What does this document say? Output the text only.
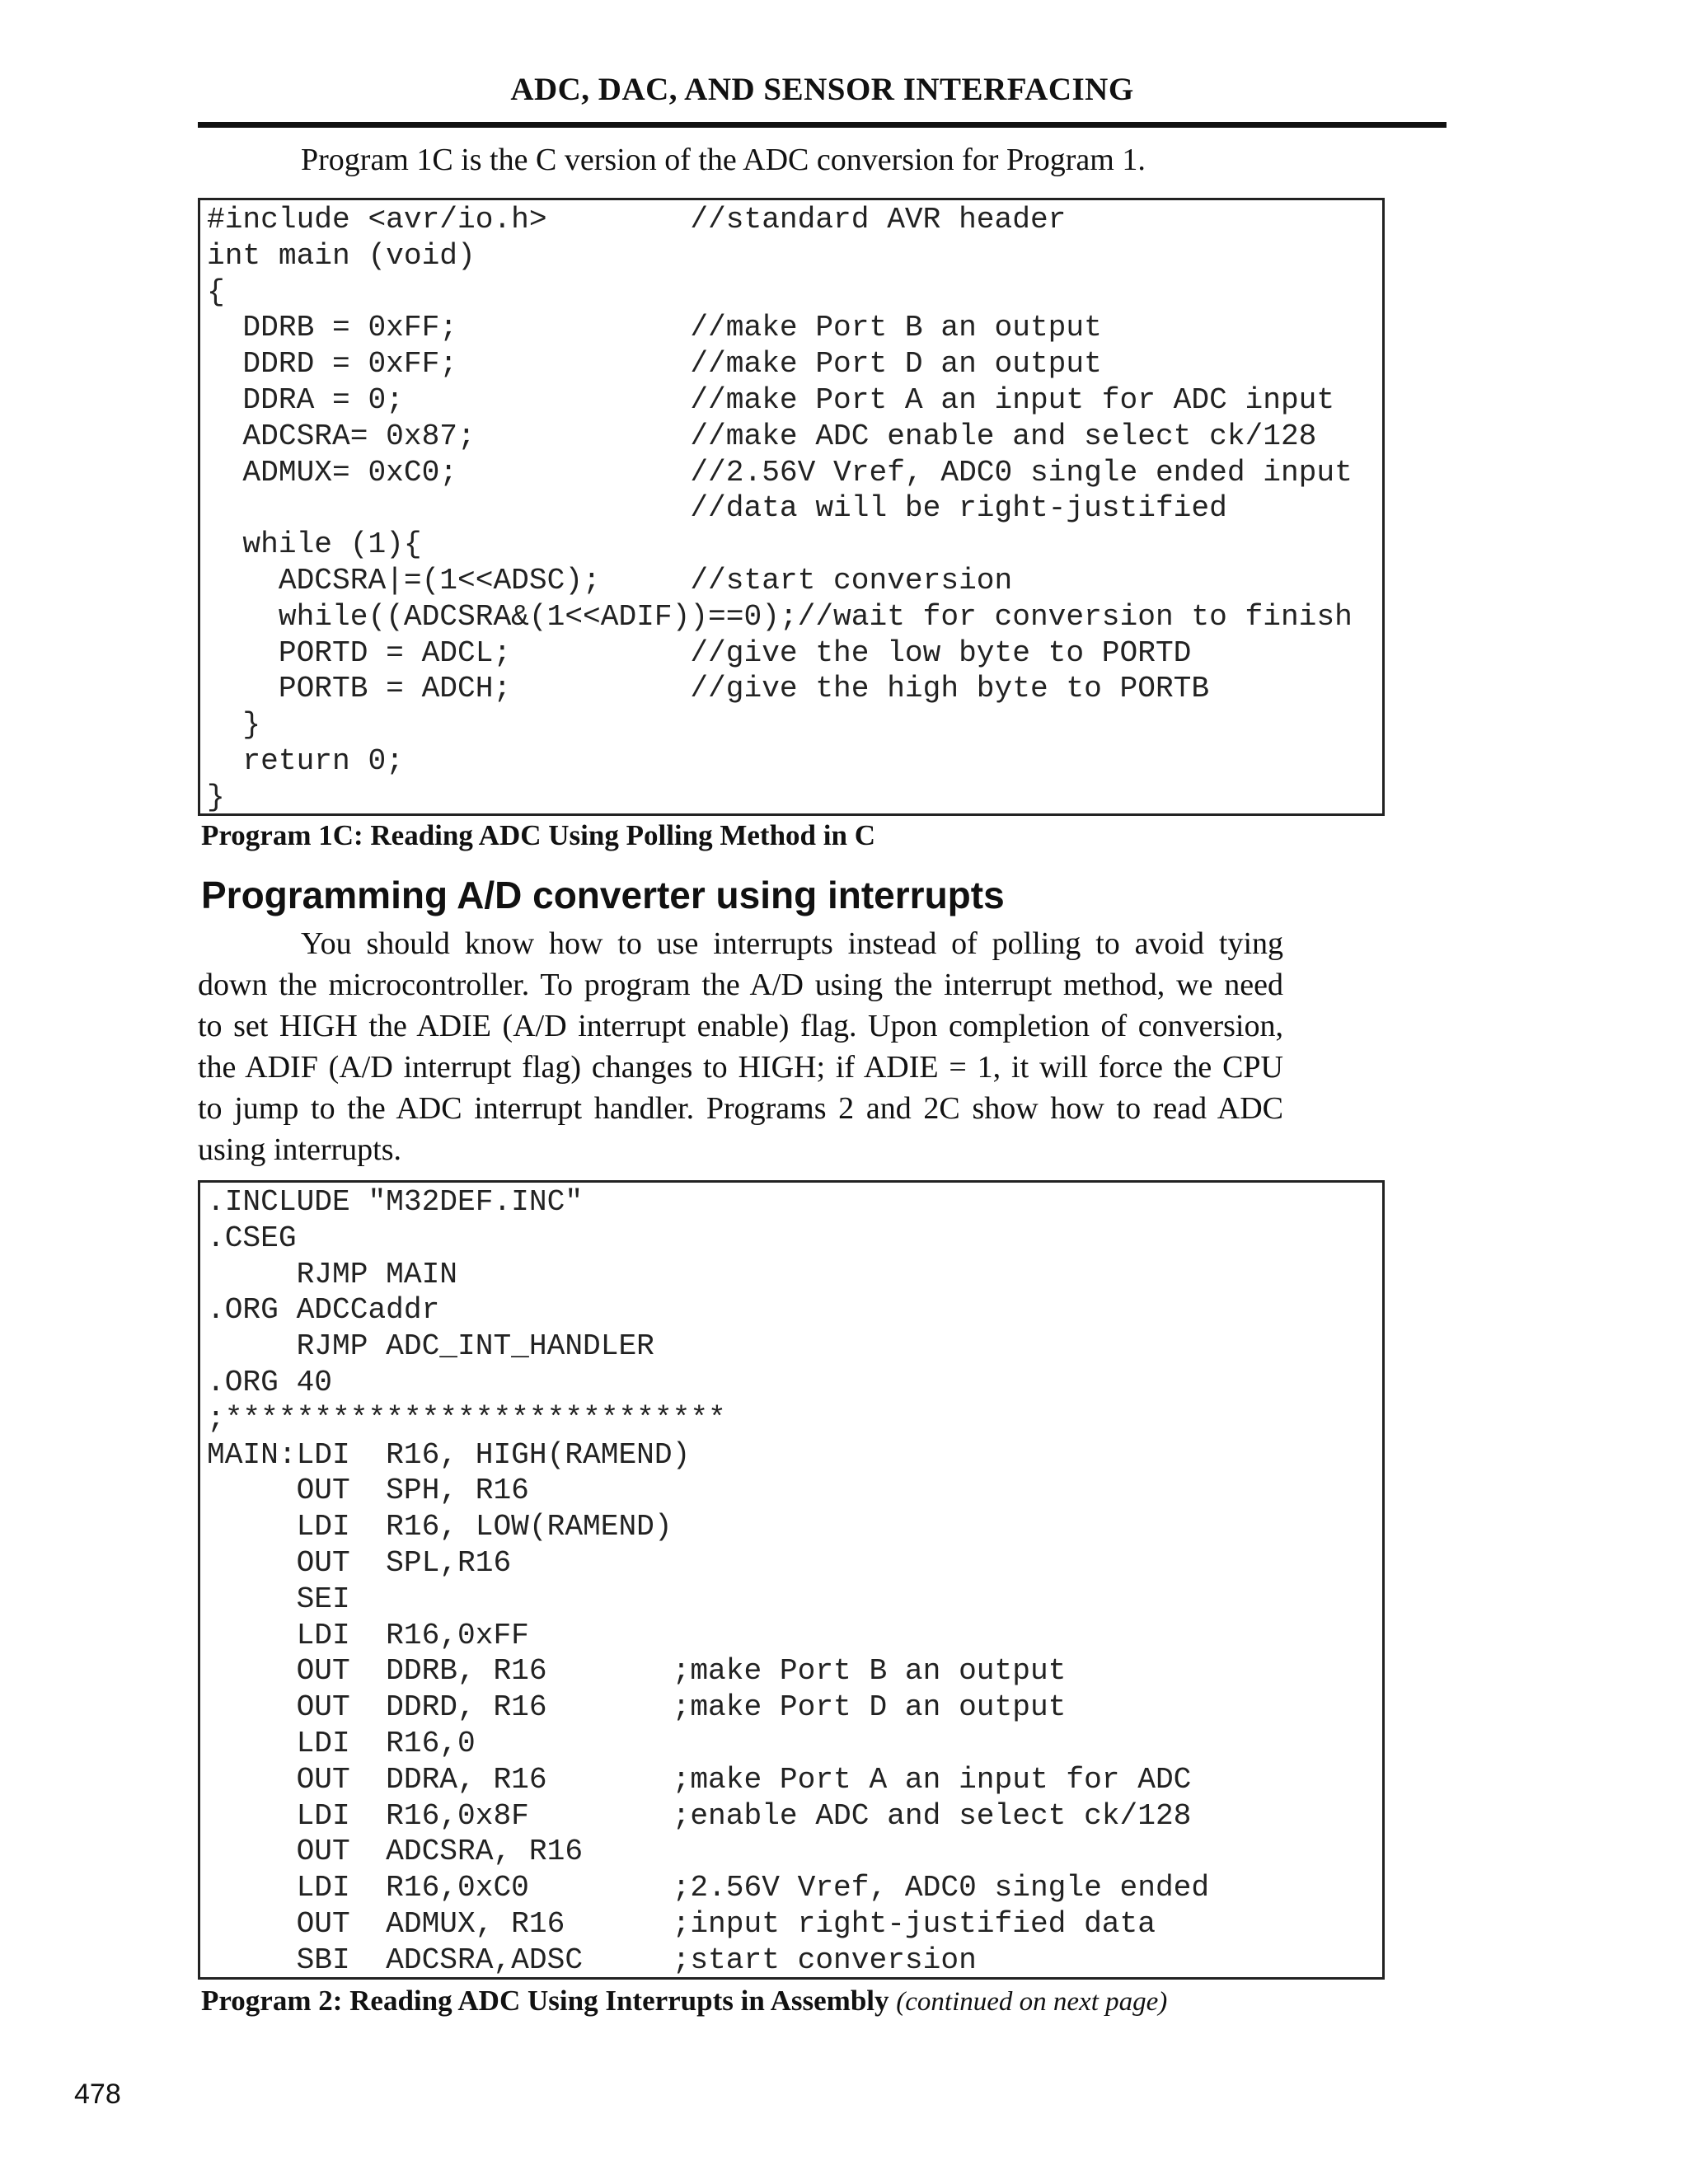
ADC, DAC, AND SENSOR INTERFACING
Program 1C is the C version of the ADC conversion for Program 1.
#include <avr/io.h>        //standard AVR header
int main (void)
{
DDRB = 0xFF;             //make Port B an output
DDRD = 0xFF;             //make Port D an output
DDRA = 0;                //make Port A an input for ADC input
ADCSRA= 0x87;            //make ADC enable and select ck/128
ADMUX= 0xC0;             //2.56V Vref, ADC0 single ended input
//data will be right-justified
while (1){
ADCSRA|=(1<<ADSC);     //start conversion
while((ADCSRA&(1<<ADIF))==0);//wait for conversion to finish
PORTD = ADCL;          //give the low byte to PORTD
PORTB = ADCH;          //give the high byte to PORTB
}
return 0;
}
Program 1C: Reading ADC Using Polling Method in C
Programming A/D converter using interrupts
You should know how to use interrupts instead of polling to avoid tying
down the microcontroller. To program the A/D using the interrupt method, we need
to set HIGH the ADIE (A/D interrupt enable) flag. Upon completion of conversion,
the ADIF (A/D interrupt flag) changes to HIGH; if ADIE = 1, it will force the CPU
to jump to the ADC interrupt handler. Programs 2 and 2C show how to read ADC
using interrupts.
.INCLUDE "M32DEF.INC"
.CSEG
RJMP MAIN
.ORG ADCCaddr
RJMP ADC_INT_HANDLER
.ORG 40
;****************************
MAIN:LDI  R16, HIGH(RAMEND)
OUT  SPH, R16
LDI  R16, LOW(RAMEND)
OUT  SPL,R16
SEI
LDI  R16,0xFF
OUT  DDRB, R16       ;make Port B an output
OUT  DDRD, R16       ;make Port D an output
LDI  R16,0
OUT  DDRA, R16       ;make Port A an input for ADC
LDI  R16,0x8F        ;enable ADC and select ck/128
OUT  ADCSRA, R16
LDI  R16,0xC0        ;2.56V Vref, ADC0 single ended
OUT  ADMUX, R16      ;input right-justified data
SBI  ADCSRA,ADSC     ;start conversion
Program 2: Reading ADC Using Interrupts in Assembly (continued on next page)
478
